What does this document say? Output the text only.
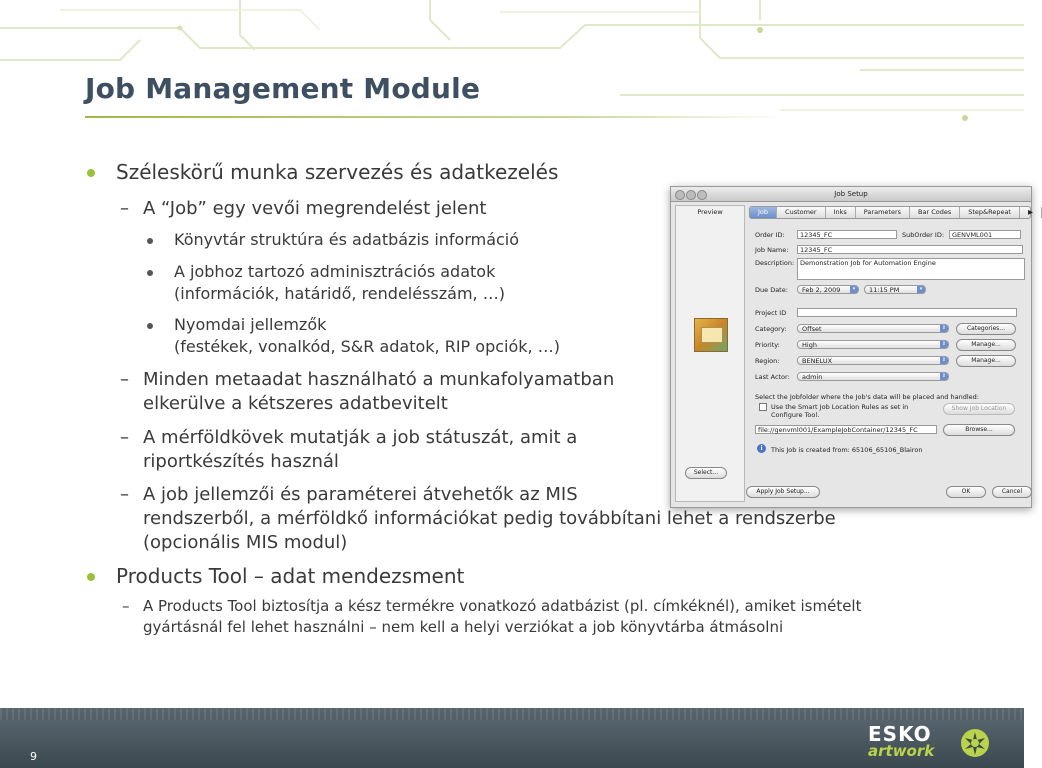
Job Management Module
Széleskörű munka szervezés és adatkezelés
– A “Job” egy vevői megrendelést jelent
Könyvtár struktúra és adatbázis információ
A jobhoz tartozó adminisztrációs adatok
(információk, határidő, rendelésszám, …)
Nyomdai jellemzők
(festékek, vonalkód, S&R adatok, RIP opciók, …)
– Minden metaadat használható a munkafolyamatban
elkerülve a kétszeres adatbevitelt
– A mérföldkövek mutatják a job státuszát, amit a
riportkészítés használ
– A job jellemzői és paraméterei átvehetők az MIS
rendszerből, a mérföldkő információkat pedig továbbítani lehet a rendszerbe
(opcionális MIS modul)
Products Tool – adat mendezsment
– A Products Tool biztosítja a kész termékre vonatkozó adatbázist (pl. címkéknél), amiket ismételt
gyártásnál fel lehet használni – nem kell a helyi verziókat a job könyvtárba átmásolni
Job Setup
Preview
Select...
Job	Customer	Inks	Parameters	Bar Codes	Step&Repeat	▶
Order ID:	12345_FC	SubOrder ID:	GENVML001
Job Name:	12345_FC
Description: Demonstration Job for Automation Engine
Due Date:	Feb 2, 2009	▾	11:15 PM	▾
Project ID
Category:	Offset	⇕	Categories...
Priority:	High	⇕	Manage...
Region:	BENELUX	⇕	Manage...
Last Actor:	admin	⇕
Select the Jobfolder where the Job's data will be placed and handled:
Use the Smart Job Location Rules as set in
Configure Tool.
Show Job Location
file://genvml001/ExampleJobContainer/12345_FC	Browse...
i	This Job is created from: 65106_65106_Blairon
Apply Job Setup...	OK	Cancel
9
ESKO
artwork
